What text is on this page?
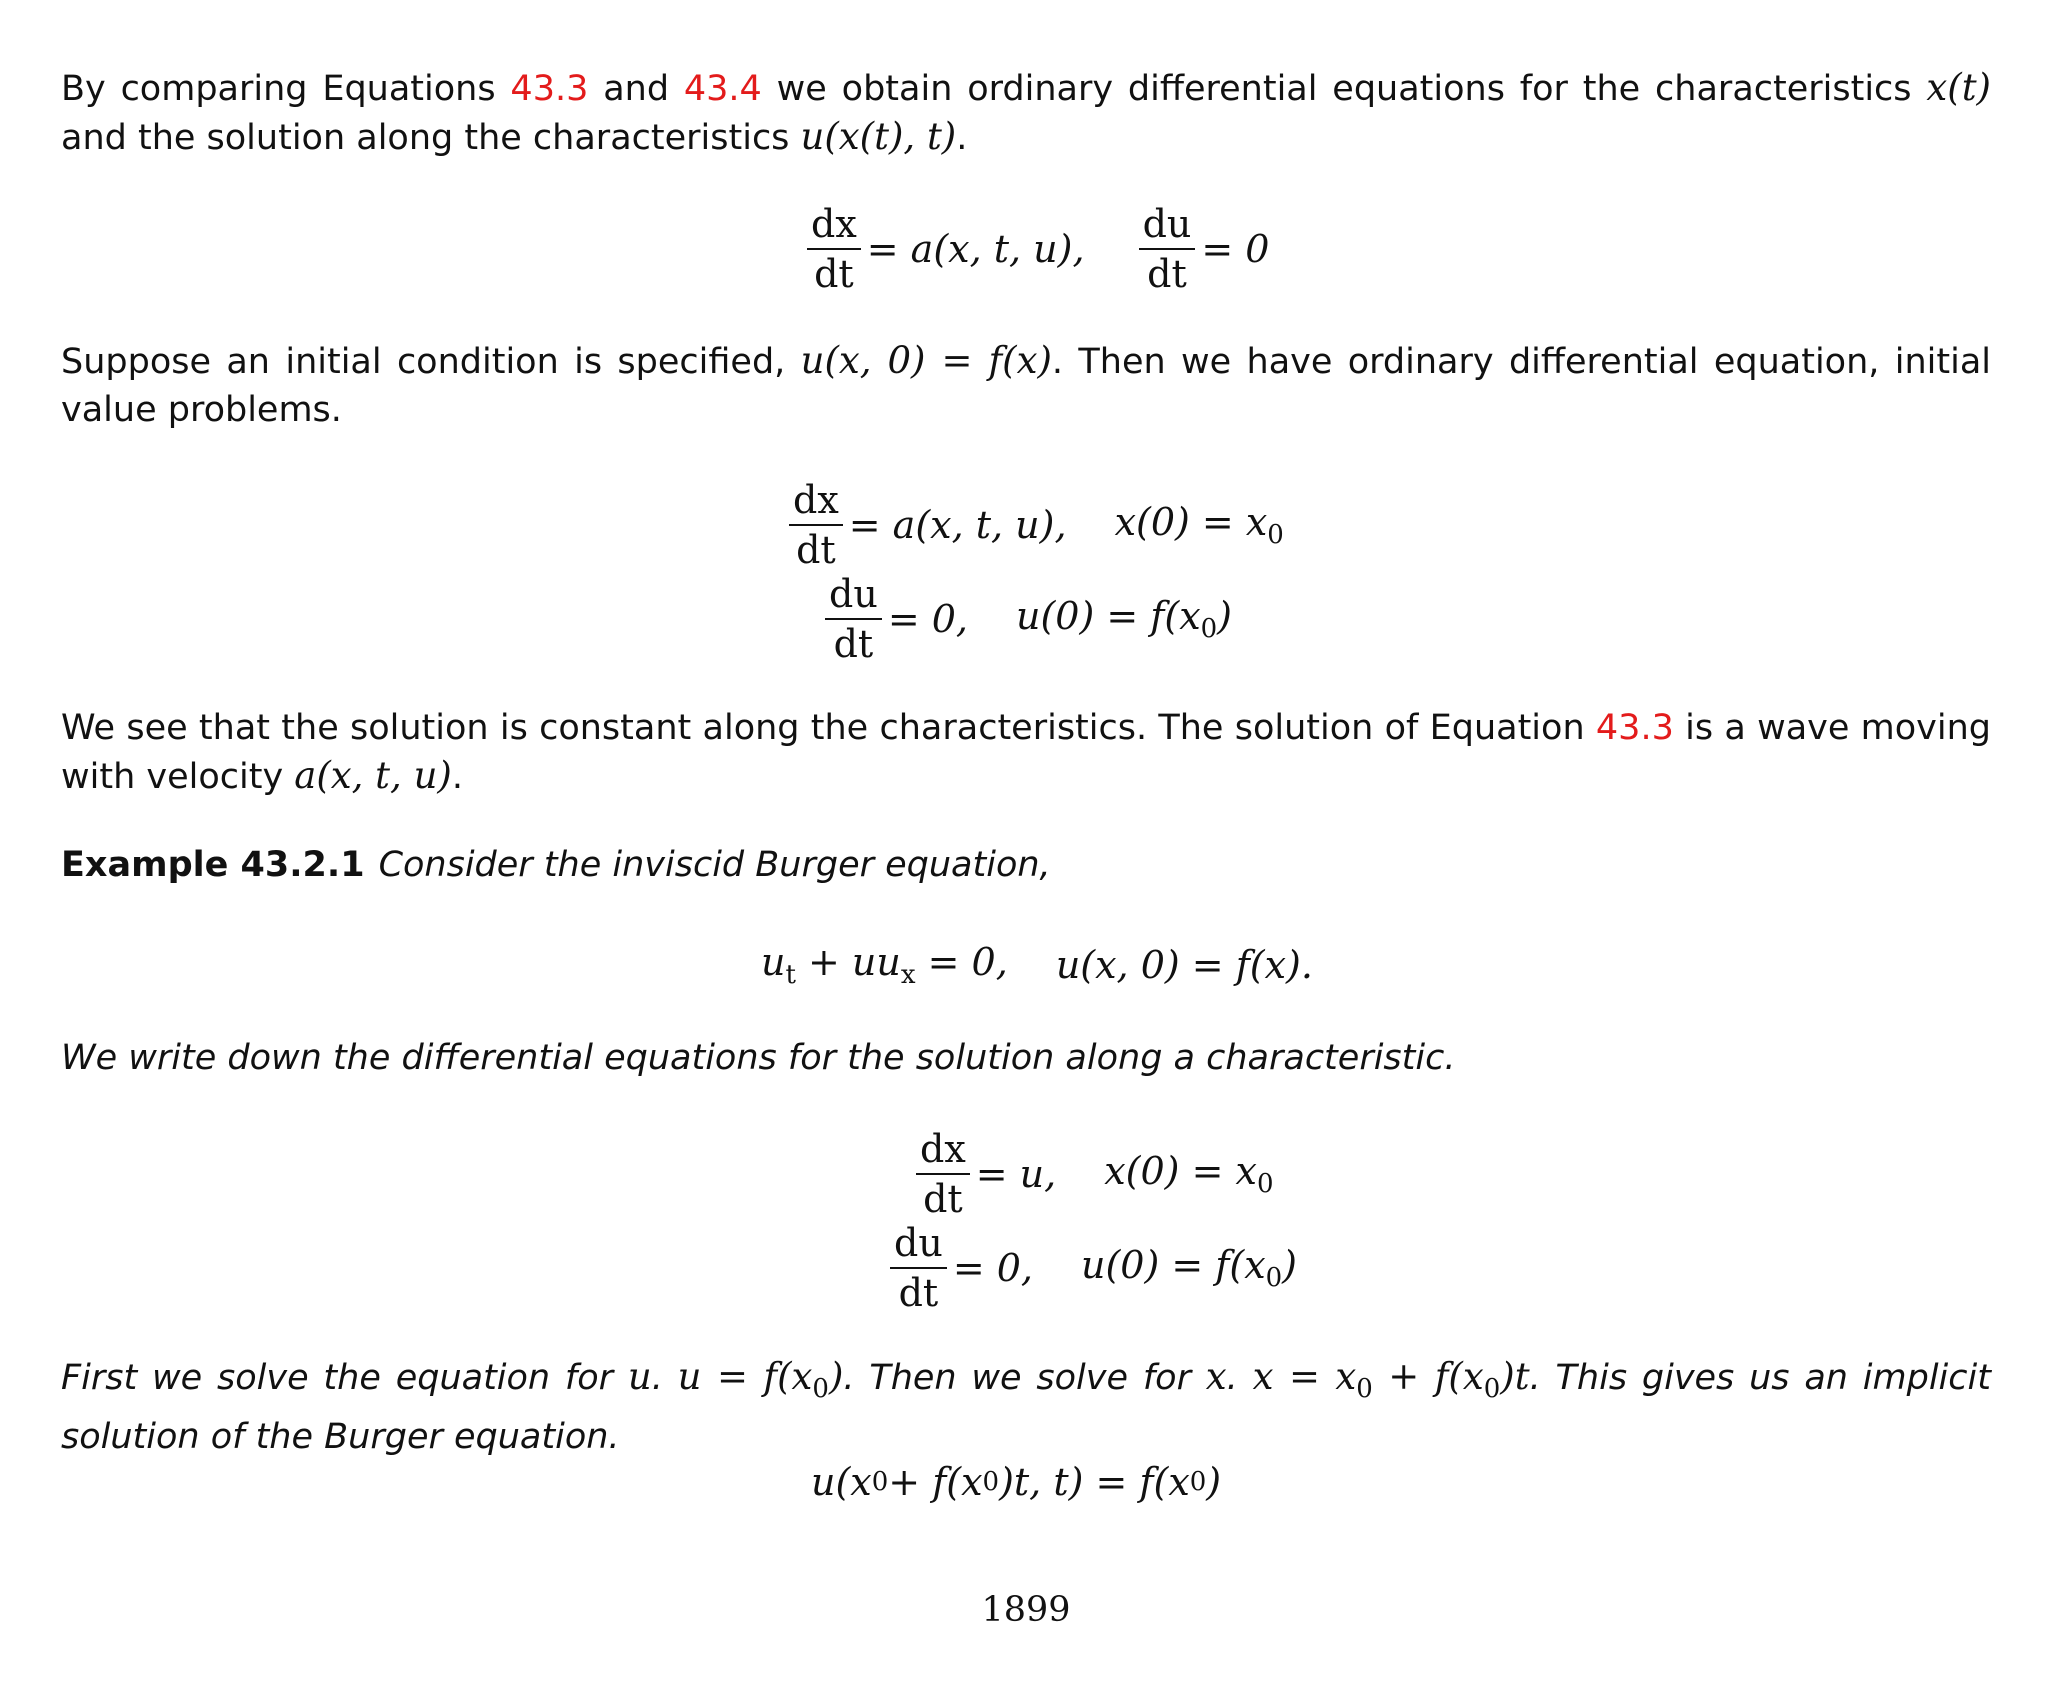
By comparing Equations 43.3 and 43.4 we obtain ordinary differential equations for the characteristics x(t) and the solution along the characteristics u(x(t), t).
$\frac{dx}{dt} = a(x$, t, u), $\frac{du}{dt} = 0$
Suppose an initial condition is specified, u(x, 0) = f(x). Then we have ordinary differential equation, initial value problems.
$\frac{dx}{dt} = a(x$, t, u), $x(0) = x_0$
$\frac{du}{dt} = 0$, $u(0) = f(x_0)$
We see that the solution is constant along the characteristics. The solution of Equation 43.3 is a wave moving with velocity a(x, t, u).
Example 43.2.1 Consider the inviscid Burger equation,
$u_t + uu_x = 0$, u(x, 0) = f(x).
We write down the differential equations for the solution along a characteristic.
$\frac{dx}{dt} = u$, $x(0) = x_0$
$\frac{du}{dt} = 0$, $u(0) = f(x_0)$
First we solve the equation for u. $u = f(x_0)$. Then we solve for x. $x = x_0 + f(x_0)t$. This gives us an implicit solution of the Burger equation.
u(x 0 + f(x 0 )t, t) = f(x 0 )
1899
